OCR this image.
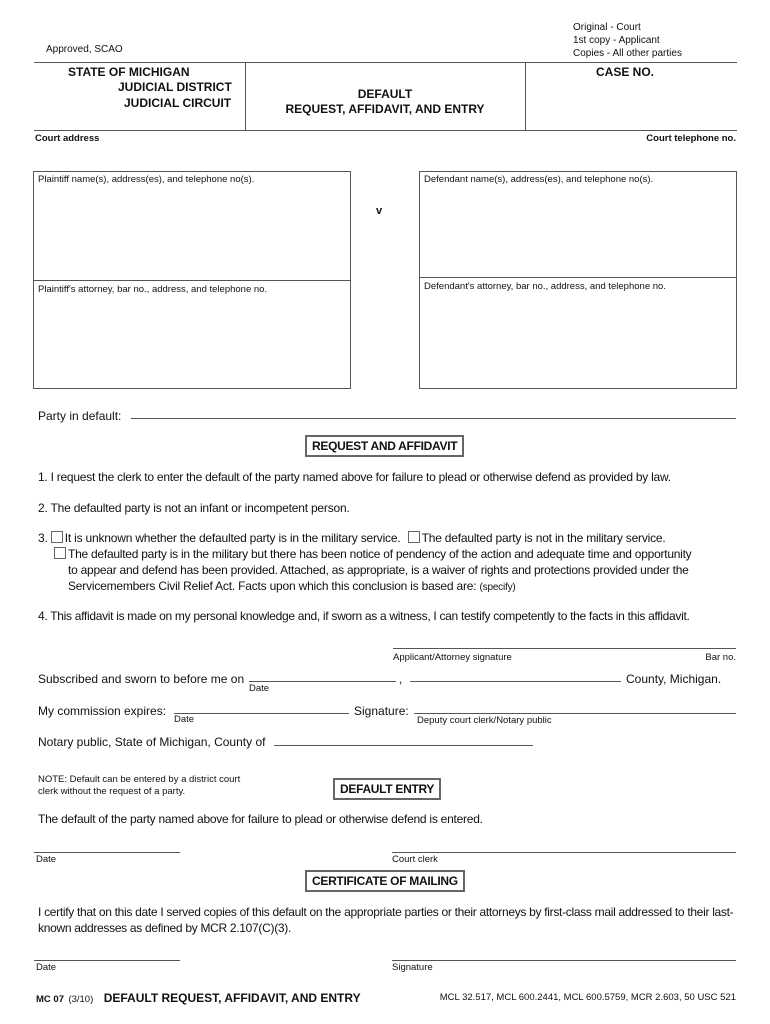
Approved, SCAO
Original - Court
1st copy - Applicant
Copies - All other parties
STATE OF MICHIGAN
JUDICIAL DISTRICT
JUDICIAL CIRCUIT
DEFAULT
REQUEST, AFFIDAVIT, AND ENTRY
CASE NO.
Court address	Court telephone no.
Plaintiff name(s), address(es), and telephone no(s).
Plaintiff's attorney, bar no., address, and telephone no.
v
Defendant name(s), address(es), and telephone no(s).
Defendant's attorney, bar no., address, and telephone no.
Party in default:
REQUEST AND AFFIDAVIT
1. I request the clerk to enter the default of the party named above for failure to plead or otherwise defend as provided by law.
2. The defaulted party is not an infant or incompetent person.
3. It is unknown whether the defaulted party is in the military service. The defaulted party is not in the military service.
The defaulted party is in the military but there has been notice of pendency of the action and adequate time and opportunity
to appear and defend has been provided. Attached, as appropriate, is a waiver of rights and protections provided under the
Servicemembers Civil Relief Act. Facts upon which this conclusion is based are: (specify)
4. This affidavit is made on my personal knowledge and, if sworn as a witness, I can testify competently to the facts in this affidavit.
Applicant/Attorney signature	Bar no.
Subscribed and sworn to before me on
Date
,	County, Michigan.
My commission expires:
Date
Signature:
Deputy court clerk/Notary public
Notary public, State of Michigan, County of
NOTE: Default can be entered by a district court clerk without the request of a party.	DEFAULT ENTRY
The default of the party named above for failure to plead or otherwise defend is entered.
Date	Court clerk
CERTIFICATE OF MAILING
I certify that on this date I served copies of this default on the appropriate parties or their attorneys by first-class mail addressed to their last-known addresses as defined by MCR 2.107(C)(3).
Date	Signature
MC 07 (3/10) DEFAULT REQUEST, AFFIDAVIT, AND ENTRY	MCL 32.517, MCL 600.2441, MCL 600.5759, MCR 2.603, 50 USC 521
